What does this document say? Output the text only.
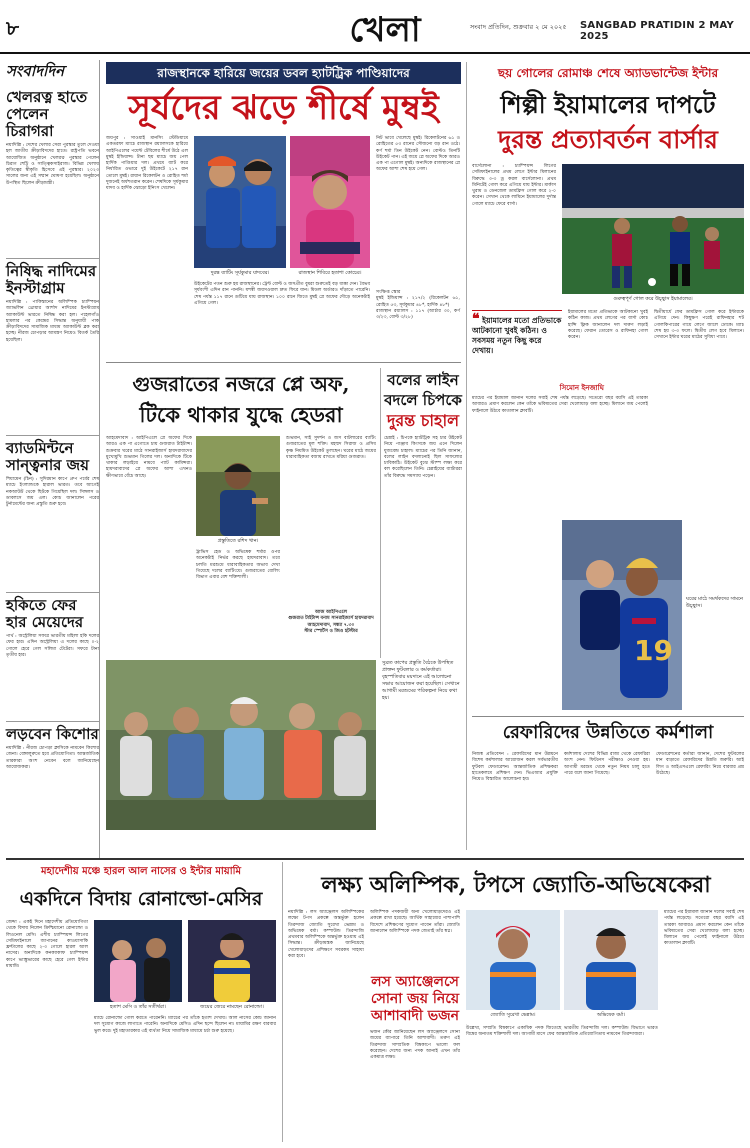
৮	খেলা	সংবাদ প্রতিদিন, শুক্রবার ২ মে ২০২৫ SANGBAD PRATIDIN 2 MAY 2025
সংবাদদিন
খেলরত্ন হাতে পেলেন চিরাগরা
নয়াদিল্লি : দেশের খেলার সেরা পুরস্কার তুলে দেওয়া হল জাতীয় ক্রীড়াবিদদের হাতে। রাষ্ট্রপতি ভবনে আয়োজিত অনুষ্ঠানে খেলরত্ন পুরস্কার পেলেন চিরাগ শেট্টি ও সাত্ত্বিকসাইরাজ। বিভিন্ন খেলায় কৃতিত্বের স্বীকৃতি হিসেবে এই পুরস্কার। ২০২৩ সালের জন্য এই সম্মান ঘোষণা হয়েছিল। অনুষ্ঠানে উপস্থিত ছিলেন ক্রীড়ামন্ত্রী।
নিষিদ্ধ নাদিমের ইনস্টাগ্রাম
নয়াদিল্লি : পাকিস্তানের অলিম্পিক চ্যাম্পিয়ন জ্যাভলিন থ্রোয়ার আর্শাদ নাদিমের ইনস্টাগ্রাম অ্যাকাউন্ট ভারতে নিষিদ্ধ করা হল। পহেলগাঁও হামলার পর কেন্দ্রের সিদ্ধান্ত অনুযায়ী পাক ক্রীড়াবিদদের সামাজিক মাধ্যম অ্যাকাউন্ট ব্লক করা হচ্ছে। নীরজ চোপড়ার আমন্ত্রণ নিয়েও বিতর্ক তৈরি হয়েছিল।
ব্যাডমিন্টনে সান্ত্বনার জয়
শিয়ামেন (চিন) : সুদিরমান কাপে গ্রুপ পর্বের শেষ ম্যাচে ইংল্যান্ডকে হারাল ভারত। তবে আগেই নকআউট থেকে ছিটকে গিয়েছিল দল। সিঙ্গলস ও ডাবলসে জয় এল। কোচ জানালেন পরের টুর্নামেন্টের জন্য প্রস্তুতি শুরু হবে।
হকিতে ফের হার মেয়েদের
পার্থ : অস্ট্রেলিয়া সফরে ভারতীয় মহিলা হকি দলের ফের হার। এদিন অস্ট্রেলিয়া এ দলের কাছে ০-২ গোলে হেরে গেল সলিমা টেটেরা। সফরে টানা তৃতীয় হার।
লড়বেন কিশোর
নয়াদিল্লি : নীরজ চোপড়া ক্লাসিকে নামবেন কিশোর জেনা। বেঙ্গালুরুতে হবে প্রতিযোগিতা। আন্তর্জাতিক তারকারা অংশ নেবেন বলে জানিয়েছেন আয়োজকরা।
রাজস্থানকে হারিয়ে জয়ের ডবল হ্যাটট্রিক পাণ্ডিয়াদের
সূর্যদের ঝড়ে শীর্ষে মুম্বই
জয়পুর : সাওয়াই মানসিং স্টেডিয়ামে একতরফা ম্যাচে রাজস্থান রয়্যালসকে হারিয়ে আইপিএলের পয়েন্ট টেবিলের শীর্ষে উঠে এল মুম্বই ইন্ডিয়ান্স। টানা ছয় ম্যাচে জয় পেল হার্দিক পাণ্ডিয়ার দল। প্রথমে ব্যাট করে নির্ধারিত ওভারে দুই উইকেটে ২১৭ রান তোলে মুম্বই। রায়ান রিকেলটন ও রোহিত শর্মা দুজনেই অর্ধশতরান করেন। শেষদিকে সূর্যকুমার যাদব ও হার্দিক ঝোড়ো ইনিংস খেলেন।
দুরন্ত ব্যাটিং সূর্যকুমার যাদবের।	রাজস্থান শিবিরে হতাশা কোচের।
উইকেটের পতন শুরু হয় রাজস্থানের। ট্রেন্ট বোল্ট ও জসপ্রীত বুমরা শুরুতেই বড় ধাক্কা দেন। বৈভব সূর্যবংশী এদিন রান পাননি। যশস্বী জয়সওয়াল দ্রুত ফিরে যান। মিডল অর্ডারও দাঁড়াতে পারেনি। শেষ পর্যন্ত ১১৭ রানে গুটিয়ে যায় রাজস্থান। ১০০ রানে জিতে মুম্বই প্লে অফের দৌড়ে অনেকটাই এগিয়ে গেল।
নিট ভাবে খেলেছে মুম্বই। রিকেলটনের ৬১ ও রোহিতের ৫৩ রানের সৌজন্যে বড় রান ওঠে। কর্ণ শর্মা তিন উইকেট নেন। বোল্টও তিনটি উইকেট পান। এই জয়ে প্লে অফের দিকে আরও এক পা এগোল মুম্বই। অন্যদিকে রাজস্থানের প্লে অফের আশা শেষ হয়ে গেল।
সংক্ষিপ্ত স্কোর
মুম্বই ইন্ডিয়ান্স : ২১৭/২ (রিকেলটন ৬১, রোহিত ৫৩, সূর্যকুমার ৪৮*, হার্দিক ৪৮*)
রাজস্থান রয়্যালস : ১১৭ (আর্চার ৩০, কর্ণ ৩/২৩, বোল্ট ৩/২৮)
ছয় গোলের রোমাঞ্চ শেষে অ্যাডভান্টেজ ইন্টার
শিল্পী ইয়ামালের দাপটে
দুরন্ত প্রত্যাবর্তন বার্সার
বার্সেলোনা : চ্যাম্পিয়ন্স লিগের সেমিফাইনালের প্রথম লেগে ইন্টার মিলানের বিরুদ্ধে ৩-৩ ড্র করল বার্সেলোনা। প্রথম মিনিটেই গোল করে এগিয়ে যায় ইন্টার। মার্কাস থুরাম ও ডেনজেল ডামফ্রিস গোল করে ২-০ করেন। সেখান থেকে লামিনে ইয়ামালের দুর্দান্ত গোলে ম্যাচে ফেরে বার্সা।
গুরুত্বপূর্ণ গোল করে উচ্ছ্বাস ইয়ামালের।
❝ ইয়ামালের মতো প্রতিভাকে আটকানো খুবই কঠিন। ও সবসময় নতুন কিছু করে দেখায়।
সিমোন ইনজাঘি
ইয়ামালের মতো প্রতিভাকে আটকানো খুবই কঠিন কাজ। প্রথম লেগের পর বার্সা কোচ হান্সি ফ্লিক জানালেন দল দারুণ লড়াই করেছে। ফেরান তোরেস ও রাফিনহা গোল করেন।
দ্বিতীয়ার্ধে ফের ডামফ্রিস গোল করে ইন্টারকে এগিয়ে দেন। কিছুক্ষণ পরেই রাফিনহার শট গোলকিপারের গায়ে লেগে জালে ঢোকে। ম্যাচ শেষ হয় ৩-৩ ফলে। দ্বিতীয় লেগ হবে মিলানে। সেখানে ইন্টার ঘরের মাঠের সুবিধা পাবে।
ম্যাচের পর ইয়ামাল জানান দলের সবাই শেষ পর্যন্ত লড়েছে। সতেরো বছর বয়সি এই তারকা আবারও প্রমাণ করলেন কেন তাঁকে ভবিষ্যতের সেরা খেলোয়াড় বলা হচ্ছে। মিলানে জয় পেলেই ফাইনালে উঠবে কাতালান ক্লাবটি।
19
ঘরের মাঠে সমর্থকদের সামনে উচ্ছ্বাস।
গুজরাতের নজরে প্লে অফ,
টিকে থাকার যুদ্ধে হেডরা
আহমেদাবাদ : আইপিএলে প্লে অফের দিকে আরও এক পা এগোতে চায় গুজরাত টাইটান্স। শুক্রবার ঘরের মাঠে সানরাইজার্স হায়দরাবাদের মুখোমুখি শুভমান গিলের দল। অন্যদিকে টিকে থাকার লড়াইয়ে নামবে প্যাট কামিন্সরা। হায়দরাবাদের প্লে অফের আশা এখনও ক্ষীণভাবে বেঁচে আছে।
প্রস্তুতিতে রশিদ খান।
ট্রাভিস হেড ও অভিষেক শর্মার ওপর অনেকটাই নির্ভর করছে হায়দরাবাদ। তবে চলতি মরশুমে ধারাবাহিকতার অভাব দেখা গিয়েছে দলের ব্যাটিংয়ে। গুজরাতের বোলিং বিভাগ এবার বেশ শক্তিশালী।
শুভমান, সাই সুদর্শন ও জস বাটলারের ব্যাটিং গুজরাতের মূল শক্তি। মহম্মদ সিরাজ ও প্রসিধ কৃষ্ণ নিয়মিত উইকেট তুলছেন। ঘরের মাঠে জয়ের ধারাবাহিকতা বজায় রাখতে মরিয়া গুজরাত।
আজ আইপিএলে
গুজরাত টাইটান্স বনাম সানরাইজার্স হায়দরাবাদ
আহমেদাবাদ, সন্ধ্যা ৭.৩০
স্টার স্পোর্টস ও জিও হটস্টার
বলের লাইন
বদলে চিপকে
দুরন্ত চাহাল
চেন্নাই : চিপকে হ্যাটট্রিক সহ চার উইকেট নিয়ে পাঞ্জাব কিংসকে জয় এনে দিলেন যুজবেন্দ্র চাহাল। ম্যাচের পর তিনি জানান, বলের লাইন বদলানোই ছিল সাফল্যের চাবিকাঠি। উইকেট বুঝে স্টাম্প লক্ষ্য করে বল করেছিলেন তিনি। চেন্নাইয়ের ব্যাটাররা তাঁর বিরুদ্ধে সমস্যায় পড়েন।
সুব্রত কাপের প্রস্তুতি বৈঠকে উপস্থিত প্রাক্তন ফুটবলার ও কর্মকর্তারা। বৃহস্পতিবার ময়দানে এই আলোচনা সভার আয়োজন করা হয়েছিল। সেখানে আগামী মরশুমের পরিকল্পনা নিয়ে কথা হয়।
রেফারিদের উন্নতিতে কর্মশালা
নিজস্ব প্রতিবেদন : রেফারিদের মান উন্নয়নে বিশেষ কর্মশালার আয়োজন করল সর্বভারতীয় ফুটবল ফেডারেশন। আন্তর্জাতিক প্রশিক্ষকরা হাতেকলমে প্রশিক্ষণ দেন। ভিএআর প্রযুক্তি নিয়েও বিস্তারিত আলোচনা হয়।
কর্মশালায় দেশের বিভিন্ন রাজ্য থেকে রেফারিরা অংশ নেন। ফিটনেস পরীক্ষাও নেওয়া হয়। আগামী মরশুম থেকে নতুন নিয়ম চালু হতে পারে বলে জানা গিয়েছে।
ফেডারেশনের কর্তারা জানান, দেশের ফুটবলের মান বাড়াতে রেফারিদের উন্নতি জরুরি। আই লিগ ও আইএসএলে রেফারিং নিয়ে বারবার প্রশ্ন উঠেছে।
মহাদেশীয় মঞ্চে হারল আল নাসের ও ইন্টার মায়ামি
একদিনে বিদায় রোনাল্ডো-মেসির
জেদ্দা : একই দিনে মহাদেশীয় প্রতিযোগিতা থেকে বিদায় নিলেন ক্রিশ্চিয়ানো রোনাল্ডো ও লিওনেল মেসি। এশীয় চ্যাম্পিয়ন্স লিগের সেমিফাইনালে জাপানের কাওয়াসাকি ফ্রন্টালের কাছে ২-৩ গোলে হারল আল নাসের। অন্যদিকে কনক্যাকাফ চ্যাম্পিয়ন্স কাপে ভ্যাঙ্কুভারের কাছে হেরে গেল ইন্টার মায়ামি।
হতাশ মেসি ও তাঁর সতীর্থরা।	জয়ের জেরে নামছেন রোনাল্ডো।
ম্যাচে রোনাল্ডো গোল করতে পারেননি। ম্যাচের পর তাঁকে হতাশ দেখায়। আল নাসের কোচ জানান দল সুযোগ কাজে লাগাতে পারেনি। অন্যদিকে মেসিও এদিন ছন্দে ছিলেন না। মায়ামির রক্ষণ বারবার ভুল করে। দুই মহাতারকার এই ব্যর্থতা নিয়ে সামাজিক মাধ্যমে চর্চা শুরু হয়েছে।
লক্ষ্য অলিম্পিক, টপসে জ্যোতি-অভিষেকেরা
নয়াদিল্লি : লস অ্যাঞ্জেলস অলিম্পিকের লক্ষ্যে টপস প্রকল্পে অন্তর্ভুক্ত হলেন তিরন্দাজ জ্যোতি সুরেখা ভেন্নাম ও অভিষেক বর্মা। কম্পাউন্ড তিরন্দাজি প্রথমবার অলিম্পিকে অন্তর্ভুক্ত হওয়ায় এই সিদ্ধান্ত। ক্রীড়ামন্ত্রক জানিয়েছে খেলোয়াড়দের প্রশিক্ষণে সবরকম সাহায্য করা হবে।
অলিম্পিক পদকজয়ী অন্য খেলোয়াড়দেরও এই প্রকল্পে রাখা হয়েছে। আর্থিক সাহায্যের পাশাপাশি বিদেশে প্রশিক্ষণের সুযোগ পাবেন তাঁরা। জ্যোতি জানালেন অলিম্পিকে পদক জেতাই তাঁর স্বপ্ন।
লস অ্যাঞ্জেলসে
সোনা জয় নিয়ে
আশাবাদী ভজন	জ্যোতি সুরেখা ভেন্নাম।	অভিষেক বর্মা।
ভজন কৌর জানিয়েছেন লস অ্যাঞ্জেলসে সোনা জয়ের ব্যাপারে তিনি আশাবাদী। তরুণ এই তিরন্দাজ সাম্প্রতিক বিশ্বকাপে ভালো ফল করেছেন। দেশের জন্য পদক আনাই এখন তাঁর একমাত্র লক্ষ্য।
উল্লেখ্য, সম্প্রতি বিশ্বকাপে একাধিক পদক জিতেছে ভারতীয় তিরন্দাজি দল। কম্পাউন্ড বিভাগে ভারত বিশ্বের অন্যতম শক্তিশালী দল। আগামী মাসে ফের আন্তর্জাতিক প্রতিযোগিতায় নামবেন তিরন্দাজরা।
ম্যাচের পর ইয়ামাল জানান দলের সবাই শেষ পর্যন্ত লড়েছে। সতেরো বছর বয়সি এই তারকা আবারও প্রমাণ করলেন কেন তাঁকে ভবিষ্যতের সেরা খেলোয়াড় বলা হচ্ছে। মিলানে জয় পেলেই ফাইনালে উঠবে কাতালান ক্লাবটি।
